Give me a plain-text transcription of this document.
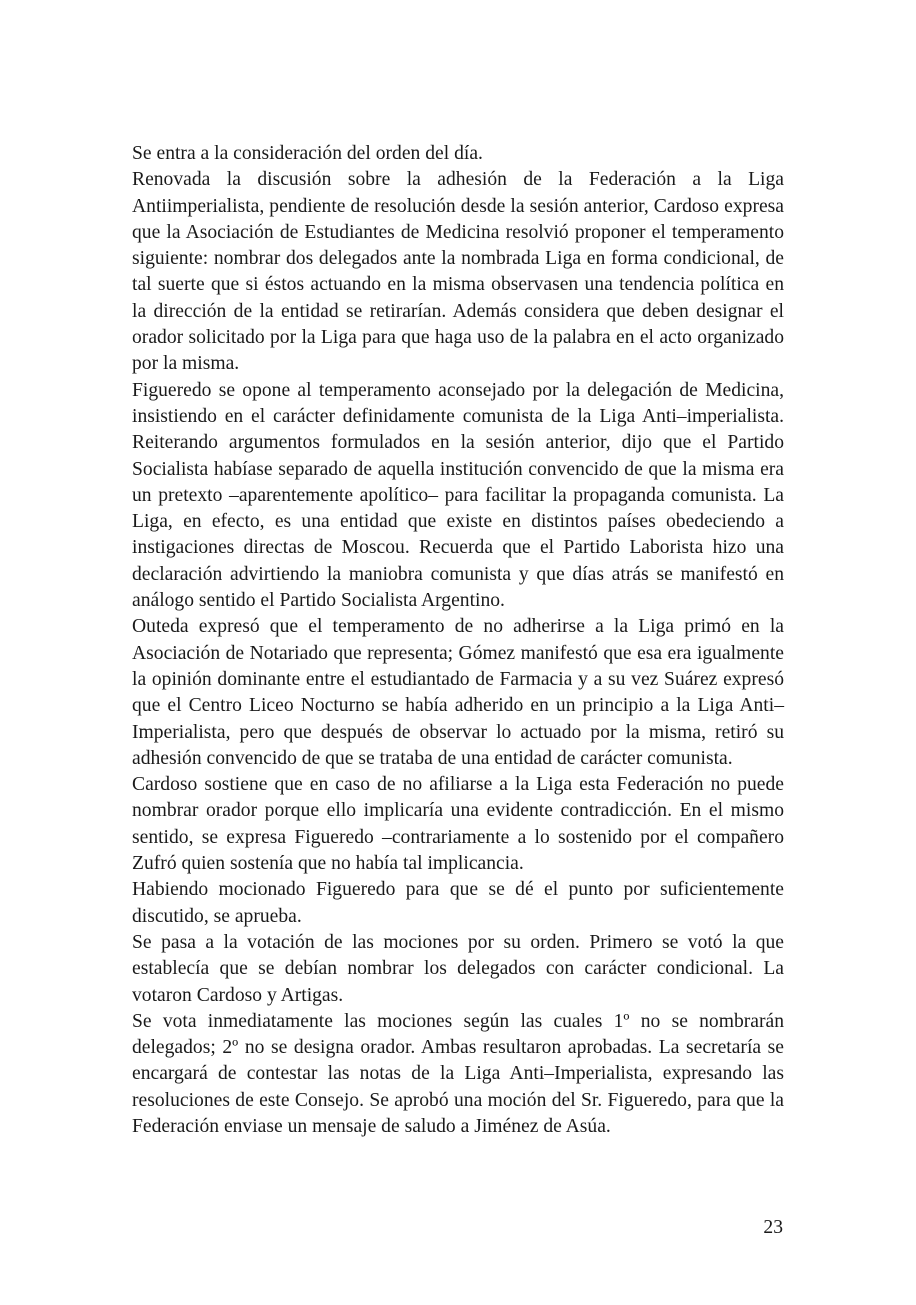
Se entra a la consideración del orden del día.

Renovada la discusión sobre la adhesión de la Federación a la Liga Antiimperialista, pendiente de resolución desde la sesión anterior, Cardoso expresa que la Asociación de Estudiantes de Medicina resolvió proponer el temperamento siguiente: nombrar dos delegados ante la nombrada Liga en forma condicional, de tal suerte que si éstos actuando en la misma observasen una tendencia política en la dirección de la entidad se retirarían. Además considera que deben designar el orador solicitado por la Liga para que haga uso de la palabra en el acto organizado por la misma.

Figueredo se opone al temperamento aconsejado por la delegación de Medicina, insistiendo en el carácter definidamente comunista de la Liga Anti–imperialista. Reiterando argumentos formulados en la sesión anterior, dijo que el Partido Socialista habíase separado de aquella institución convencido de que la misma era un pretexto –aparentemente apolítico– para facilitar la propaganda comunista. La Liga, en efecto, es una entidad que existe en distintos países obedeciendo a instigaciones directas de Moscou. Recuerda que el Partido Laborista hizo una declaración advirtiendo la maniobra comunista y que días atrás se manifestó en análogo sentido el Partido Socialista Argentino.

Outeda expresó que el temperamento de no adherirse a la Liga primó en la Asociación de Notariado que representa; Gómez manifestó que esa era igualmente la opinión dominante entre el estudiantado de Farmacia y a su vez Suárez expresó que el Centro Liceo Nocturno se había adherido en un principio a la Liga Anti–Imperialista, pero que después de observar lo actuado por la misma, retiró su adhesión convencido de que se trataba de una entidad de carácter comunista.

Cardoso sostiene que en caso de no afiliarse a la Liga esta Federación no puede nombrar orador porque ello implicaría una evidente contradicción. En el mismo sentido, se expresa Figueredo –contrariamente a lo sostenido por el compañero Zufró quien sostenía que no había tal implicancia.

Habiendo mocionado Figueredo para que se dé el punto por suficientemente discutido, se aprueba.

Se pasa a la votación de las mociones por su orden. Primero se votó la que establecía que se debían nombrar los delegados con carácter condicional. La votaron Cardoso y Artigas.

Se vota inmediatamente las mociones según las cuales 1º no se nombrarán delegados; 2º no se designa orador. Ambas resultaron aprobadas. La secretaría se encargará de contestar las notas de la Liga Anti–Imperialista, expresando las resoluciones de este Consejo. Se aprobó una moción del Sr. Figueredo, para que la Federación enviase un mensaje de saludo a Jiménez de Asúa.

23
